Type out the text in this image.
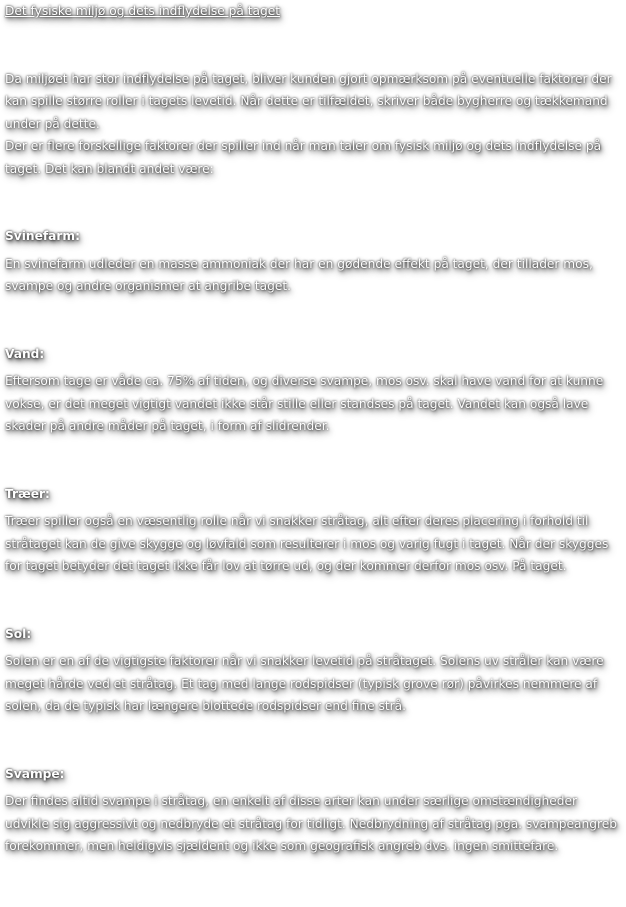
Det fysiske miljø og dets indflydelse på taget

Da miljøet har stor indflydelse på taget, bliver kunden gjort opmærksom på eventuelle faktorer der kan spille større roller i tagets levetid. Når dette er tilfældet, skriver både bygherre og tækkemand under på dette.

Der er flere forskellige faktorer der spiller ind når man taler om fysisk miljø og dets indflydelse på taget. Det kan blandt andet være:

Svinefarm:

En svinefarm udleder en masse ammoniak der har en gødende effekt på taget, der tillader mos, svampe og andre organismer at angribe taget.

Vand:

Eftersom tage er våde ca. 75% af tiden, og diverse svampe, mos osv. skal have vand for at kunne vokse, er det meget vigtigt vandet ikke står stille eller standses på taget. Vandet kan også lave skader på andre måder på taget, i form af slidrender.

Træer:

Træer spiller også en væsentlig rolle når vi snakker stråtag, alt efter deres placering i forhold til stråtaget kan de give skygge og løvfald som resulterer i mos og varig fugt i taget. Når der skygges for taget betyder det taget ikke får lov at tørre ud, og der kommer derfor mos osv. På taget.

Sol:

Solen er en af de vigtigste faktorer når vi snakker levetid på stråtaget. Solens uv stråler kan være meget hårde ved et stråtag. Et tag med lange rodspidser (typisk grove rør) påvirkes nemmere af solen, da de typisk har længere blottede rodspidser end fine strå.

Svampe:

Der findes altid svampe i stråtag, en enkelt af disse arter kan under særlige omstændigheder udvikle sig aggressivt og nedbryde et stråtag for tidligt. Nedbrydning af stråtag pga. svampeangreb forekommer, men heldigvis sjældent og ikke som geografisk angreb dvs. ingen smittefare.
